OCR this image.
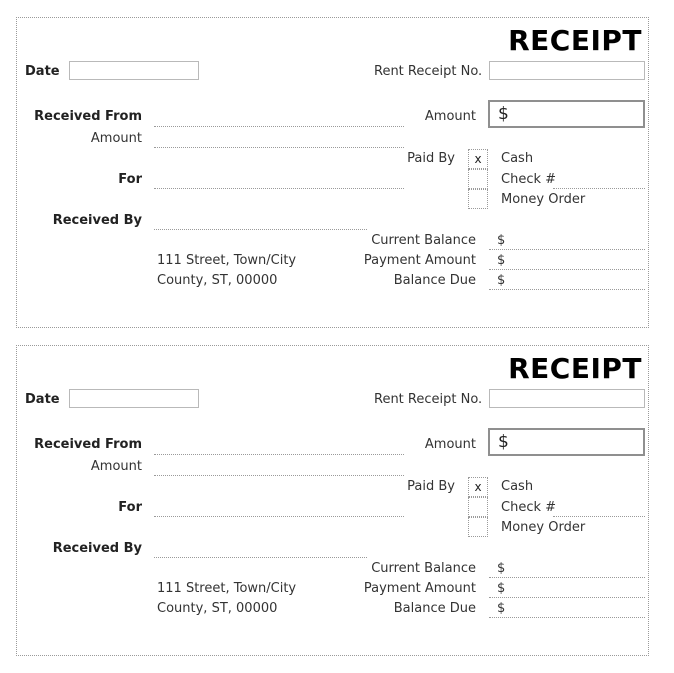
RECEIPT
Date	Rent Receipt No.
Received From
Amount
Amount $
For
Paid By	x	Cash
Check #
Money Order
Received By
111 Street, Town/City
County, ST, 00000
Current Balance $
Payment Amount $
Balance Due $
RECEIPT
Date	Rent Receipt No.
Received From
Amount
Amount $
For
Paid By	x	Cash
Check #
Money Order
Received By
111 Street, Town/City
County, ST, 00000
Current Balance $
Payment Amount $
Balance Due $
